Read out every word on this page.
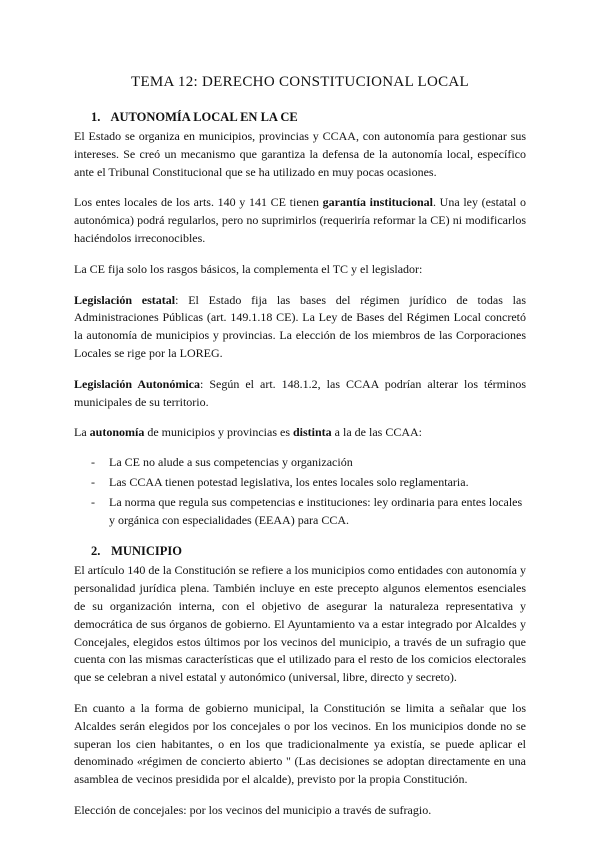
TEMA 12: DERECHO CONSTITUCIONAL LOCAL
1. AUTONOMÍA LOCAL EN LA CE

El Estado se organiza en municipios, provincias y CCAA, con autonomía para gestionar sus intereses. Se creó un mecanismo que garantiza la defensa de la autonomía local, específico ante el Tribunal Constitucional que se ha utilizado en muy pocas ocasiones.

Los entes locales de los arts. 140 y 141 CE tienen garantía institucional. Una ley (estatal o autonómica) podrá regularlos, pero no suprimirlos (requeriría reformar la CE) ni modificarlos haciéndolos irreconocibles.

La CE fija solo los rasgos básicos, la complementa el TC y el legislador:

Legislación estatal: El Estado fija las bases del régimen jurídico de todas las Administraciones Públicas (art. 149.1.18 CE). La Ley de Bases del Régimen Local concretó la autonomía de municipios y provincias. La elección de los miembros de las Corporaciones Locales se rige por la LOREG.

Legislación Autonómica: Según el art. 148.1.2, las CCAA podrían alterar los términos municipales de su territorio.

La autonomía de municipios y provincias es distinta a la de las CCAA:

- La CE no alude a sus competencias y organización
- Las CCAA tienen potestad legislativa, los entes locales solo reglamentaria.
- La norma que regula sus competencias e instituciones: ley ordinaria para entes locales y orgánica con especialidades (EEAA) para CCA.
2. MUNICIPIO

El artículo 140 de la Constitución se refiere a los municipios como entidades con autonomía y personalidad jurídica plena. También incluye en este precepto algunos elementos esenciales de su organización interna, con el objetivo de asegurar la naturaleza representativa y democrática de sus órganos de gobierno. El Ayuntamiento va a estar integrado por Alcaldes y Concejales, elegidos estos últimos por los vecinos del municipio, a través de un sufragio que cuenta con las mismas características que el utilizado para el resto de los comicios electorales que se celebran a nivel estatal y autonómico (universal, libre, directo y secreto).

En cuanto a la forma de gobierno municipal, la Constitución se limita a señalar que los Alcaldes serán elegidos por los concejales o por los vecinos. En los municipios donde no se superan los cien habitantes, o en los que tradicionalmente ya existía, se puede aplicar el denominado «régimen de concierto abierto " (Las decisiones se adoptan directamente en una asamblea de vecinos presidida por el alcalde), previsto por la propia Constitución.

Elección de concejales: por los vecinos del municipio a través de sufragio.
